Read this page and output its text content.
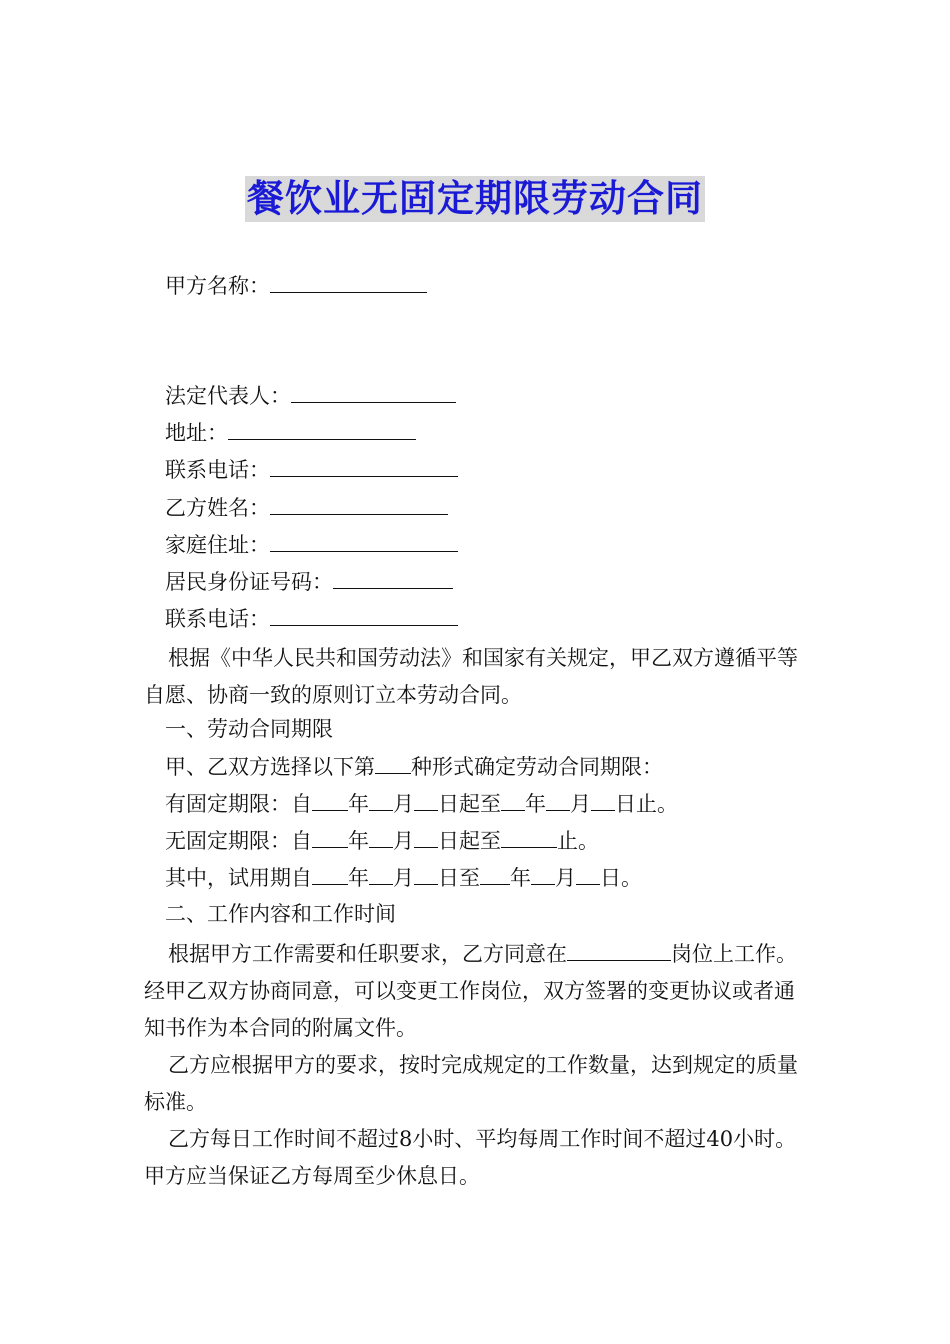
餐饮业无固定期限劳动合同
甲方名称：
法定代表人：
地址：
联系电话：
乙方姓名：
家庭住址：
居民身份证号码：
联系电话：
根据《中华人民共和国劳动法》和国家有关规定，甲乙双方遵循平等自愿、协商一致的原则订立本劳动合同。
一、劳动合同期限
甲、乙双方选择以下第 种形式确定劳动合同期限：
有固定期限：自 年 月 日起至 年 月 日止。
无固定期限：自 年 月 日起至	止。
其中，试用期自 年 月 日至 年 月 日。
二、工作内容和工作时间
根据甲方工作需要和任职要求，乙方同意在	岗位上工作。经甲乙双方协商同意，可以变更工作岗位，双方签署的变更协议或者通知书作为本合同的附属文件。
乙方应根据甲方的要求，按时完成规定的工作数量，达到规定的质量标准。
乙方每日工作时间不超过8小时、平均每周工作时间不超过40小时。甲方应当保证乙方每周至少休息日。
